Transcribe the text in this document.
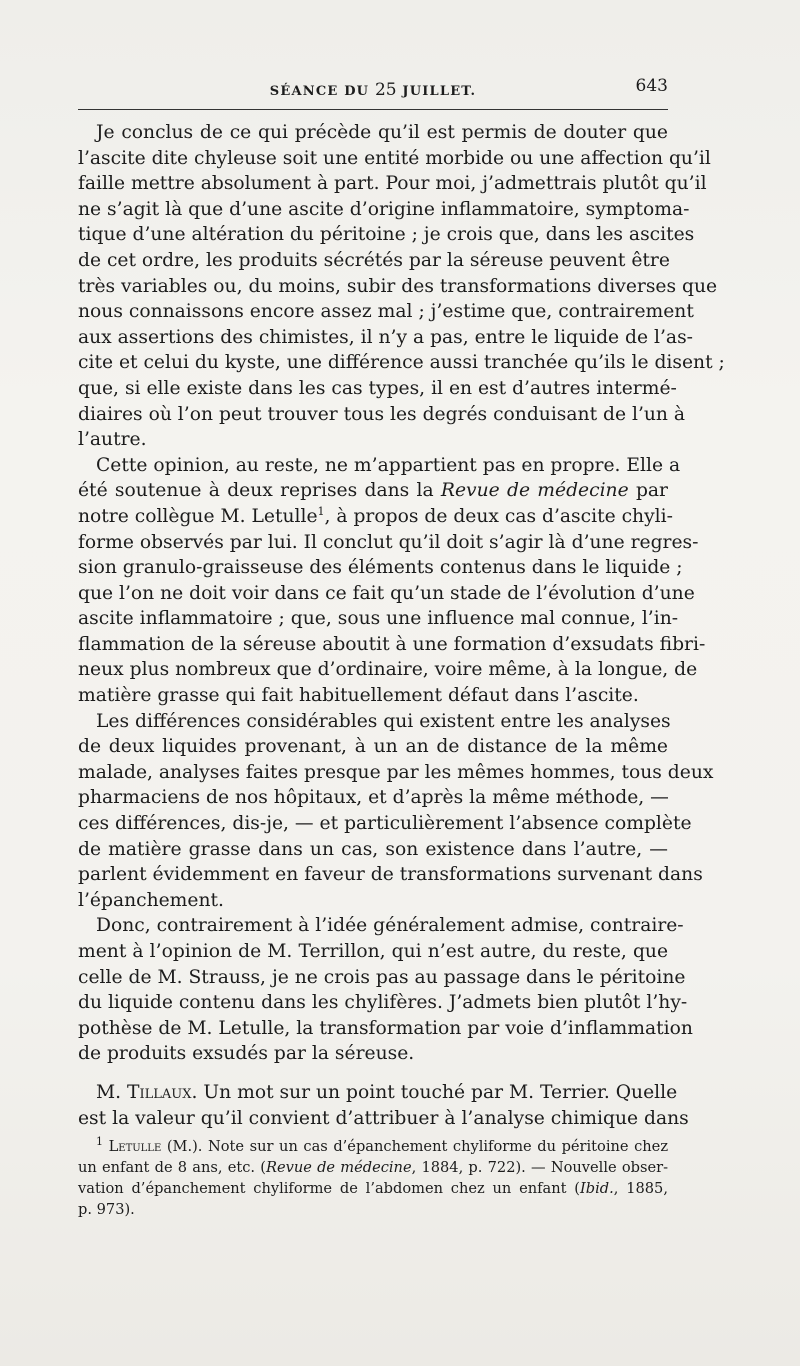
SÉANCE DU 25 JUILLET.	643

Je conclus de ce qui précède qu’il est permis de douter que
l’ascite dite chyleuse soit une entité morbide ou une affection qu’il
faille mettre absolument à part. Pour moi, j’admettrais plutôt qu’il
ne s’agit là que d’une ascite d’origine inflammatoire, symptoma-
tique d’une altération du péritoine ; je crois que, dans les ascites
de cet ordre, les produits sécrétés par la séreuse peuvent être
très variables ou, du moins, subir des transformations diverses que
nous connaissons encore assez mal ; j’estime que, contrairement
aux assertions des chimistes, il n’y a pas, entre le liquide de l’as-
cite et celui du kyste, une différence aussi tranchée qu’ils le disent ;
que, si elle existe dans les cas types, il en est d’autres intermé-
diaires où l’on peut trouver tous les degrés conduisant de l’un à
l’autre.

Cette opinion, au reste, ne m’appartient pas en propre. Elle a
été soutenue à deux reprises dans la Revue de médecine par
notre collègue M. Letulle$^1$, à propos de deux cas d’ascite chyli-
forme observés par lui. Il conclut qu’il doit s’agir là d’une regres-
sion granulo-graisseuse des éléments contenus dans le liquide ;
que l’on ne doit voir dans ce fait qu’un stade de l’évolution d’une
ascite inflammatoire ; que, sous une influence mal connue, l’in-
flammation de la séreuse aboutit à une formation d’exsudats fibri-
neux plus nombreux que d’ordinaire, voire même, à la longue, de
matière grasse qui fait habituellement défaut dans l’ascite.

Les différences considérables qui existent entre les analyses
de deux liquides provenant, à un an de distance de la même
malade, analyses faites presque par les mêmes hommes, tous deux
pharmaciens de nos hôpitaux, et d’après la même méthode, —
ces différences, dis-je, — et particulièrement l’absence complète
de matière grasse dans un cas, son existence dans l’autre, —
parlent évidemment en faveur de transformations survenant dans
l’épanchement.

Donc, contrairement à l’idée généralement admise, contraire-
ment à l’opinion de M. Terrillon, qui n’est autre, du reste, que
celle de M. Strauss, je ne crois pas au passage dans le péritoine
du liquide contenu dans les chylifères. J’admets bien plutôt l’hy-
pothèse de M. Letulle, la transformation par voie d’inflammation
de produits exsudés par la séreuse.

M. Tillaux. Un mot sur un point touché par M. Terrier. Quelle
est la valeur qu’il convient d’attribuer à l’analyse chimique dans

$^1$ Letulle (M.). Note sur un cas d’épanchement chyliforme du péritoine chez
un enfant de 8 ans, etc. (Revue de médecine, 1884, p. 722). — Nouvelle obser-
vation d’épanchement chyliforme de l’abdomen chez un enfant (Ibid., 1885,
p. 973).
